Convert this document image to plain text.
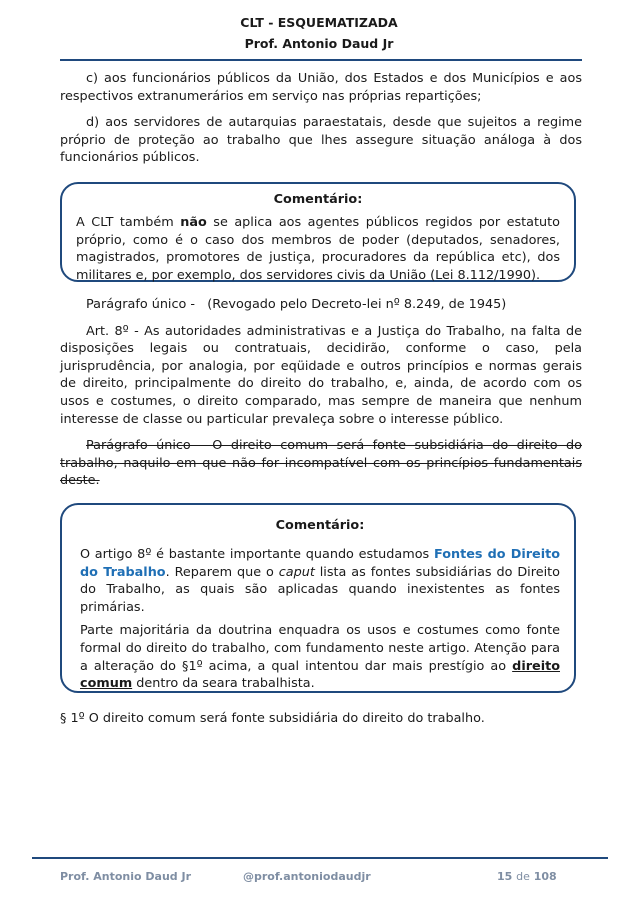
CLT - ESQUEMATIZADA
Prof. Antonio Daud Jr

c) aos funcionários públicos da União, dos Estados e dos Municípios e aos respectivos extranumerários em serviço nas próprias repartições;

d) aos servidores de autarquias paraestatais, desde que sujeitos a regime próprio de proteção ao trabalho que lhes assegure situação análoga à dos funcionários públicos.

Comentário:

A CLT também não se aplica aos agentes públicos regidos por estatuto próprio, como é o caso dos membros de poder (deputados, senadores, magistrados, promotores de justiça, procuradores da república etc), dos militares e, por exemplo, dos servidores civis da União (Lei 8.112/1990).

Parágrafo único -   (Revogado pelo Decreto-lei nº 8.249, de 1945)

Art. 8º - As autoridades administrativas e a Justiça do Trabalho, na falta de disposições legais ou contratuais, decidirão, conforme o caso, pela jurisprudência, por analogia, por eqüidade e outros princípios e normas gerais de direito, principalmente do direito do trabalho, e, ainda, de acordo com os usos e costumes, o direito comparado, mas sempre de maneira que nenhum interesse de classe ou particular prevaleça sobre o interesse público.

Parágrafo único - O direito comum será fonte subsidiária do direito do trabalho, naquilo em que não for incompatível com os princípios fundamentais deste.

Comentário:

O artigo 8º é bastante importante quando estudamos Fontes do Direito do Trabalho. Reparem que o caput lista as fontes subsidiárias do Direito do Trabalho, as quais são aplicadas quando inexistentes as fontes primárias.

Parte majoritária da doutrina enquadra os usos e costumes como fonte formal do direito do trabalho, com fundamento neste artigo. Atenção para a alteração do §1º acima, a qual intentou dar mais prestígio ao direito comum dentro da seara trabalhista.

§ 1º O direito comum será fonte subsidiária do direito do trabalho.

Prof. Antonio Daud Jr	@prof.antoniodaudjr	15 de 108
